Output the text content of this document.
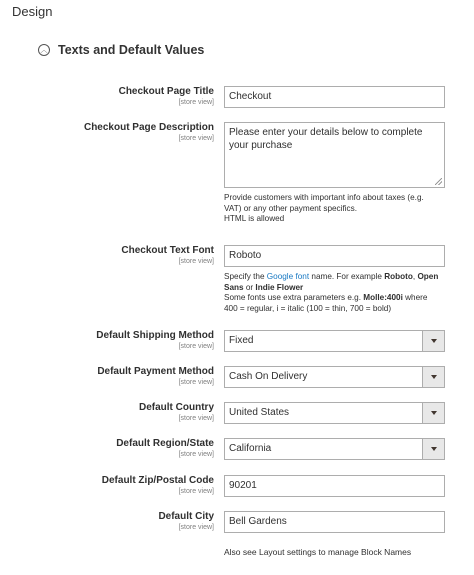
Design
︿ Texts and Default Values
Checkout Page Title
[store view]
Checkout
Checkout Page Description
[store view]
Please enter your details below to complete your purchase
Provide customers with important info about taxes (e.g.
VAT) or any other payment specifics.
HTML is allowed
Checkout Text Font
[store view]
Roboto
Specify the Google font name. For example Roboto, Open Sans or Indie Flower
Some fonts use extra parameters e.g. Molle:400i where
400 = regular, i = italic (100 = thin, 700 = bold)
Default Shipping Method
[store view]
Fixed
Default Payment Method
[store view]
Cash On Delivery
Default Country
[store view]
United States
Default Region/State
[store view]
California
Default Zip/Postal Code
[store view]
90201
Default City
[store view]
Bell Gardens
Also see Layout settings to manage Block Names
